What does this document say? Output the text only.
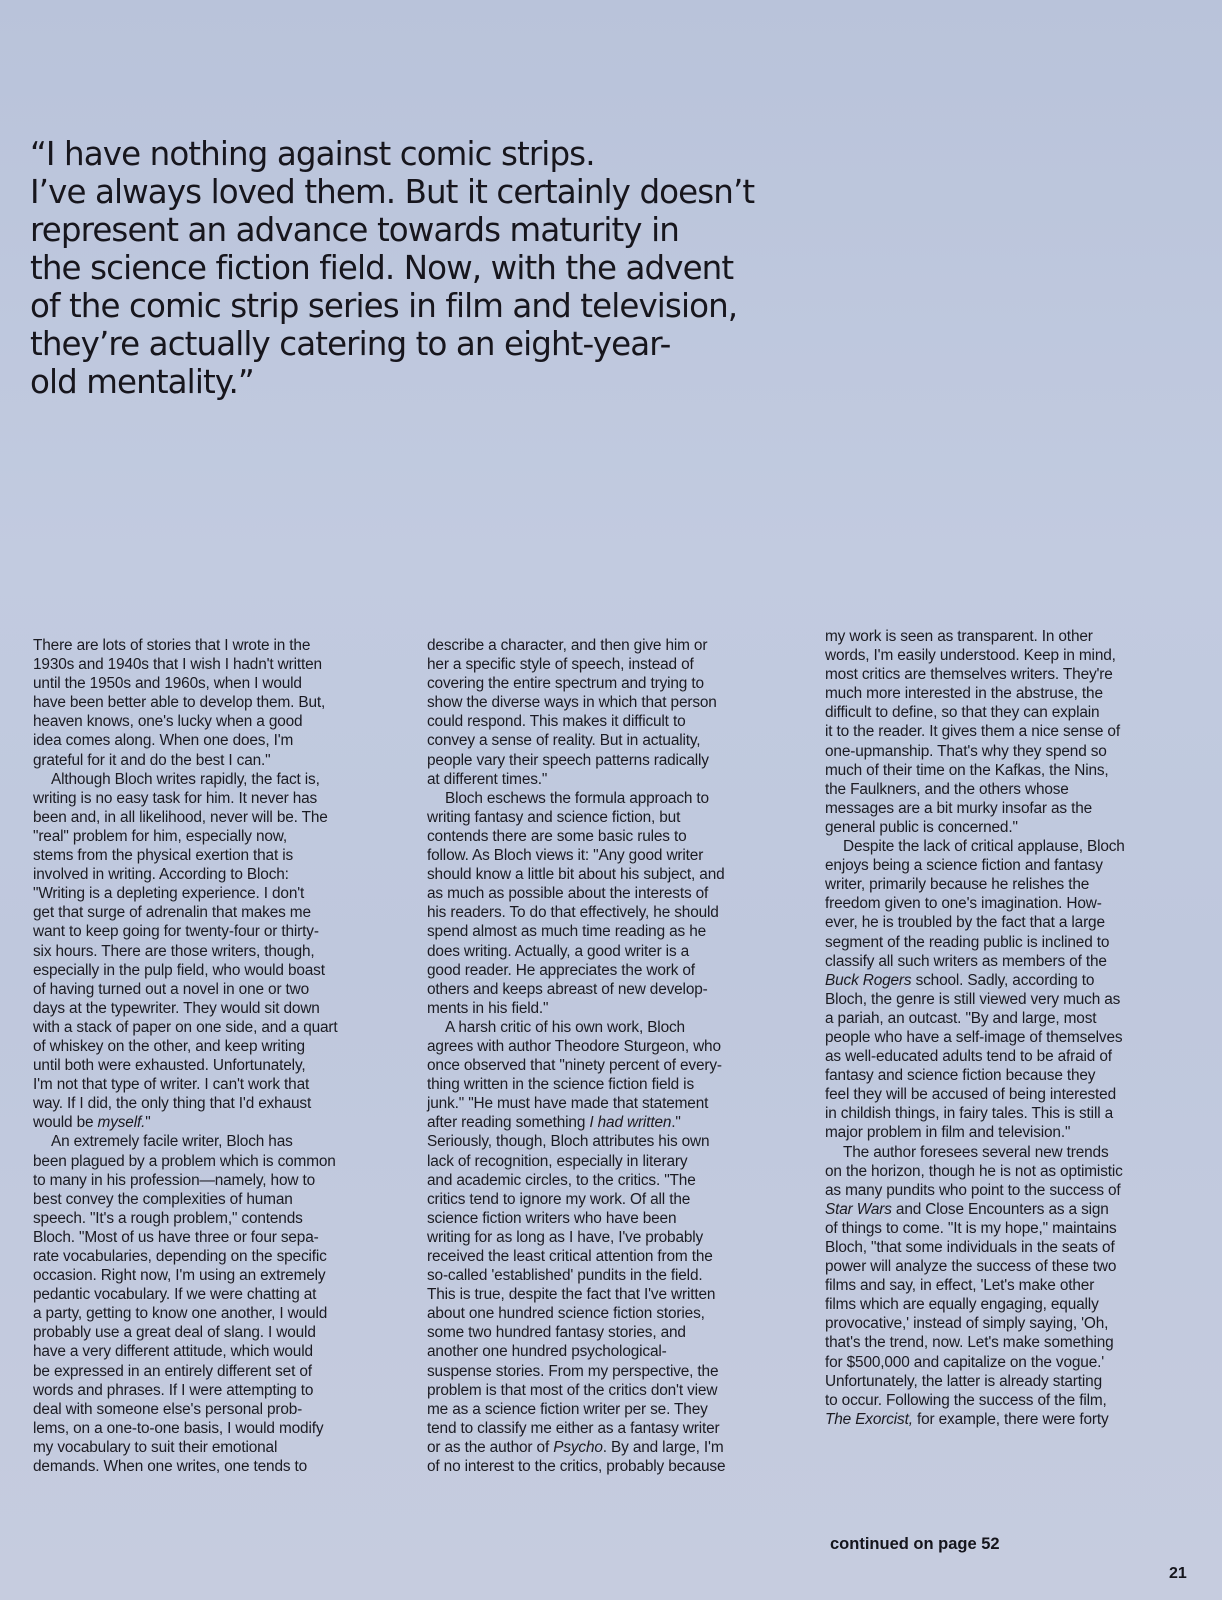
“I have nothing against comic strips.
I’ve always loved them. But it certainly doesn’t
represent an advance towards maturity in
the science fiction field. Now, with the advent
of the comic strip series in film and television,
they’re actually catering to an eight-year-
old mentality.”
There are lots of stories that I wrote in the
1930s and 1940s that I wish I hadn't written
until the 1950s and 1960s, when I would
have been better able to develop them. But,
heaven knows, one's lucky when a good
idea comes along. When one does, I'm
grateful for it and do the best I can."
Although Bloch writes rapidly, the fact is,
writing is no easy task for him. It never has
been and, in all likelihood, never will be. The
"real" problem for him, especially now,
stems from the physical exertion that is
involved in writing. According to Bloch:
"Writing is a depleting experience. I don't
get that surge of adrenalin that makes me
want to keep going for twenty-four or thirty-
six hours. There are those writers, though,
especially in the pulp field, who would boast
of having turned out a novel in one or two
days at the typewriter. They would sit down
with a stack of paper on one side, and a quart
of whiskey on the other, and keep writing
until both were exhausted. Unfortunately,
I'm not that type of writer. I can't work that
way. If I did, the only thing that I'd exhaust
would be myself."
An extremely facile writer, Bloch has
been plagued by a problem which is common
to many in his profession—namely, how to
best convey the complexities of human
speech. "It's a rough problem," contends
Bloch. "Most of us have three or four sepa-
rate vocabularies, depending on the specific
occasion. Right now, I'm using an extremely
pedantic vocabulary. If we were chatting at
a party, getting to know one another, I would
probably use a great deal of slang. I would
have a very different attitude, which would
be expressed in an entirely different set of
words and phrases. If I were attempting to
deal with someone else's personal prob-
lems, on a one-to-one basis, I would modify
my vocabulary to suit their emotional
demands. When one writes, one tends to
describe a character, and then give him or
her a specific style of speech, instead of
covering the entire spectrum and trying to
show the diverse ways in which that person
could respond. This makes it difficult to
convey a sense of reality. But in actuality,
people vary their speech patterns radically
at different times."
Bloch eschews the formula approach to
writing fantasy and science fiction, but
contends there are some basic rules to
follow. As Bloch views it: "Any good writer
should know a little bit about his subject, and
as much as possible about the interests of
his readers. To do that effectively, he should
spend almost as much time reading as he
does writing. Actually, a good writer is a
good reader. He appreciates the work of
others and keeps abreast of new develop-
ments in his field."
A harsh critic of his own work, Bloch
agrees with author Theodore Sturgeon, who
once observed that "ninety percent of every-
thing written in the science fiction field is
junk." "He must have made that statement
after reading something I had written."
Seriously, though, Bloch attributes his own
lack of recognition, especially in literary
and academic circles, to the critics. "The
critics tend to ignore my work. Of all the
science fiction writers who have been
writing for as long as I have, I've probably
received the least critical attention from the
so-called 'established' pundits in the field.
This is true, despite the fact that I've written
about one hundred science fiction stories,
some two hundred fantasy stories, and
another one hundred psychological-
suspense stories. From my perspective, the
problem is that most of the critics don't view
me as a science fiction writer per se. They
tend to classify me either as a fantasy writer
or as the author of Psycho. By and large, I'm
of no interest to the critics, probably because
my work is seen as transparent. In other
words, I'm easily understood. Keep in mind,
most critics are themselves writers. They're
much more interested in the abstruse, the
difficult to define, so that they can explain
it to the reader. It gives them a nice sense of
one-upmanship. That's why they spend so
much of their time on the Kafkas, the Nins,
the Faulkners, and the others whose
messages are a bit murky insofar as the
general public is concerned."
Despite the lack of critical applause, Bloch
enjoys being a science fiction and fantasy
writer, primarily because he relishes the
freedom given to one's imagination. How-
ever, he is troubled by the fact that a large
segment of the reading public is inclined to
classify all such writers as members of the
Buck Rogers school. Sadly, according to
Bloch, the genre is still viewed very much as
a pariah, an outcast. "By and large, most
people who have a self-image of themselves
as well-educated adults tend to be afraid of
fantasy and science fiction because they
feel they will be accused of being interested
in childish things, in fairy tales. This is still a
major problem in film and television."
The author foresees several new trends
on the horizon, though he is not as optimistic
as many pundits who point to the success of
Star Wars and Close Encounters as a sign
of things to come. "It is my hope," maintains
Bloch, "that some individuals in the seats of
power will analyze the success of these two
films and say, in effect, 'Let's make other
films which are equally engaging, equally
provocative,' instead of simply saying, 'Oh,
that's the trend, now. Let's make something
for $500,000 and capitalize on the vogue.'
Unfortunately, the latter is already starting
to occur. Following the success of the film,
The Exorcist, for example, there were forty
continued on page 52
21
